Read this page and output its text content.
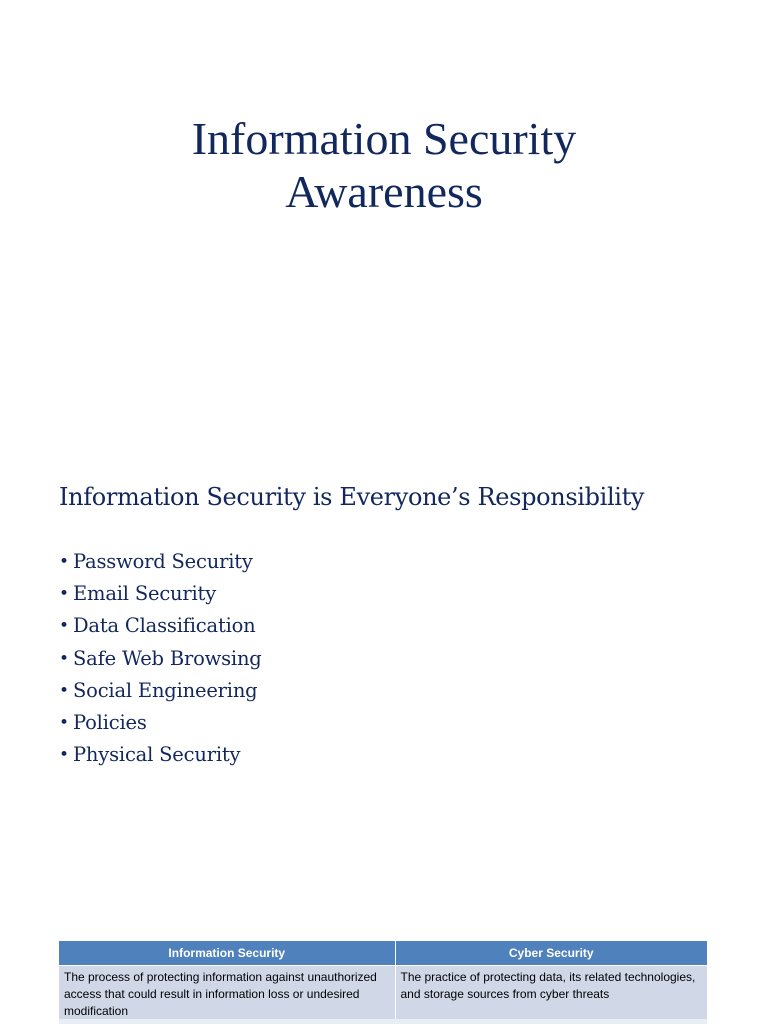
Information Security
Awareness
Information Security is Everyone’s Responsibility
• Password Security
• Email Security
• Data Classification
• Safe Web Browsing
• Social Engineering
• Policies
• Physical Security
Information Security	Cyber Security
The process of protecting information against unauthorized access that could result in information loss or undesired modification	The practice of protecting data, its related technologies, and storage sources from cyber threats
